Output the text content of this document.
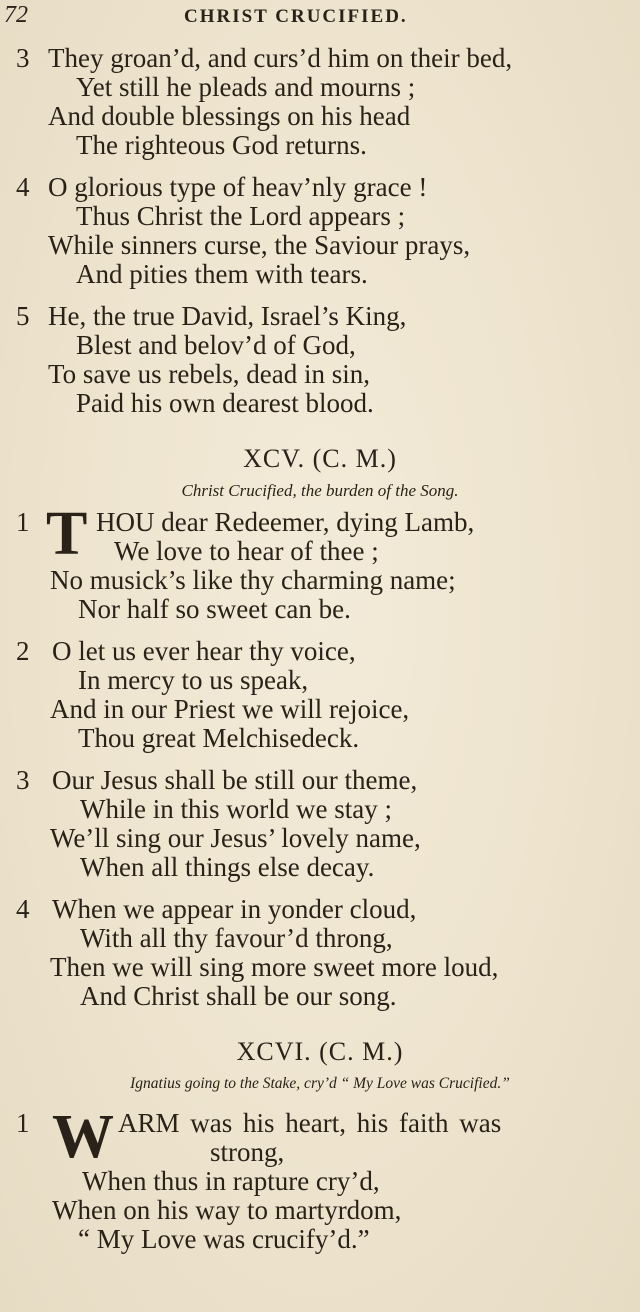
72	CHRIST CRUCIFIED.
3 They groan’d, and curs’d him on their bed,
Yet still he pleads and mourns ;
And double blessings on his head
The righteous God returns.
4 O glorious type of heav’nly grace !
Thus Christ the Lord appears ;
While sinners curse, the Saviour prays,
And pities them with tears.
5 He, the true David, Israel’s King,
Blest and belov’d of God,
To save us rebels, dead in sin,
Paid his own dearest blood.
XCV. (C. M.)
Christ Crucified, the burden of the Song.
1 T HOU dear Redeemer, dying Lamb,
We love to hear of thee ;
No musick’s like thy charming name;
Nor half so sweet can be.
2 O let us ever hear thy voice,
In mercy to us speak,
And in our Priest we will rejoice,
Thou great Melchisedeck.
3 Our Jesus shall be still our theme,
While in this world we stay ;
We’ll sing our Jesus’ lovely name,
When all things else decay.
4 When we appear in yonder cloud,
With all thy favour’d throng,
Then we will sing more sweet more loud,
And Christ shall be our song.
XCVI. (C. M.)
Ignatius going to the Stake, cry’d “ My Love was Crucified.”
1 W ARM was his heart, his faith was
strong,
When thus in rapture cry’d,
When on his way to martyrdom,
“ My Love was crucify’d.”
